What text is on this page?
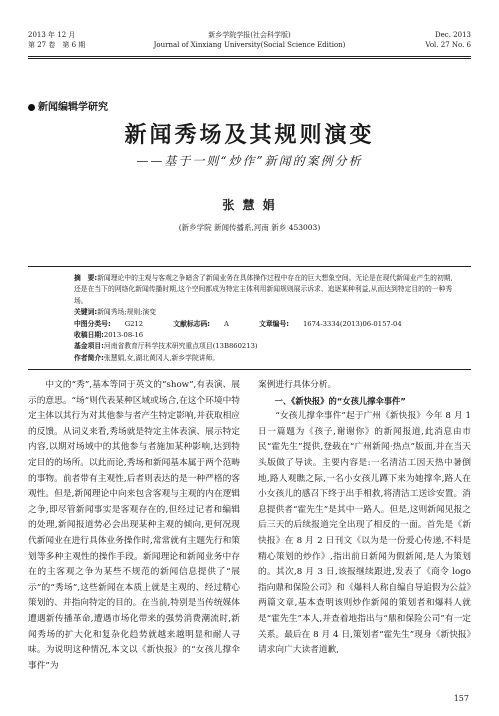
2013 年 12 月
第 27 卷　第 6 期
新乡学院学报(社会科学版)
Journal of Xinxiang University(Social Science Edition)
Dec. 2013
Vol. 27 No. 6
新闻编辑学研究
新闻秀场及其规则演变
——基于一则“炒作”新闻的案例分析
张 慧 娟
(新乡学院 新闻传播系,河南 新乡 453003)

摘　要:新闻理论中的主观与客观之争暗含了新闻业务在具体操作过程中存在的巨大想象空间。无论是在现代新闻业产生的初期,还是在当下的网络化新闻传播时期,这个空间都成为特定主体利用新闻规则展示诉求、追逐某种利益,从而达到特定目的的一种秀场。

关键词:新闻秀场;规则;演变

中图分类号: G212	文献标志码: A	文章编号: 1674-3334(2013)06-0157-04

收稿日期:2013-08-16

基金项目:河南省教育厅科学技术研究重点项目(13B860213)

作者简介:张慧娟,女,湖北黄冈人,新乡学院讲师。

中文的“秀”,基本等同于英文的“show”,有表演、展示的意思。“场”则代表某种区域或场合,在这个环境中特定主体以其行为对其他参与者产生特定影响,并获取相应的反馈。从词义来看,秀场就是特定主体表演、展示特定内容,以期对场域中的其他参与者施加某种影响,达到特定目的的场所。以此而论,秀场和新闻基本属于两个范畴的事物。前者带有主观性,后者则表达的是一种严格的客观性。但是,新闻理论中向来包含客观与主观的内在逻辑之争,即尽管新闻事实是客观存在的,但经过记者和编辑的处理,新闻报道势必会出现某种主观的倾向,更何况现代新闻业在进行具体业务操作时,常常就有主题先行和策划等多种主观性的操作手段。新闻理论和新闻业务中存在的主客观之争为某些不规范的新闻信息提供了“展示”的“秀场”,这些新闻在本质上就是主观的、经过精心策划的、并指向特定的目的。在当前,特别是当传统媒体遭遇新传播革命,遭遇市场化带来的强势消费潮流时,新闻秀场的扩大化和复杂化趋势就越来越明显和耐人寻味。为说明这种情况,本文以《新快报》的“女孩儿撑伞事件”为

案例进行具体分析。

一、《新快报》的“女孩儿撑伞事件”

“女孩儿撑伞事件”起于广州《新快报》今年 8 月 1 日一篇题为《孩子,谢谢你》的新闻报道,此消息由市民“霍先生”提供,登载在“广州新闻·热点”版面,并在当天头版做了导读。主要内容是:一名清洁工因天热中暑倒地,路人观瞧之际,一名小女孩儿蹲下来为她撑伞,路人在小女孩儿的感召下终于出手相救,将清洁工送诊安置。消息提供者“霍先生”是其中一路人。但是,这则新闻见报之后三天的后续报道完全出现了相反的一面。首先是《新快报》在 8 月 2 日刊文《以为是一份爱心传递,不料是精心策划的炒作》,指出前日新闻为假新闻,是人为策划的。其次,8 月 3 日,该报继续跟进,发表了《商令 logo 指向鼎和保险公司》和《爆料人称自编自导追假为公益》两篇文章,基本查明该则炒作新闻的策划者和爆料人就是“霍先生”本人,并查着地指出与“鼎和保险公司”有一定关系。最后在 8 月 4 日,策划者“霍先生”现身《新快报》请求向广大读者道歉,

157
